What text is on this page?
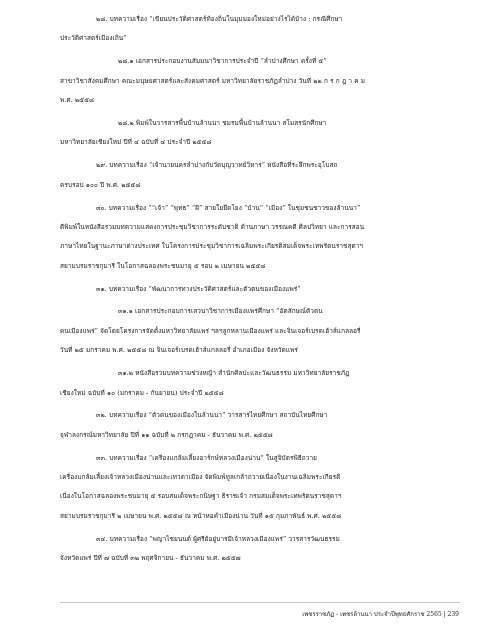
๒๘. บทความเรื่อง “เขียนประวัติศาสตร์ท้องถิ่นในมุมมองใหม่อย่างไรได้บ้าง : กรณีศึกษา
ประวัติศาสตร์เมืองเถิน”
๒๘.๑ เอกสารประกอบงานสัมมนาวิชาการประจำปี “ลำปางศึกษา ครั้งที่ ๕”
สาขาวิชาสังคมศึกษา คณะมนุษยศาสตร์และสังคมศาสตร์ มหาวิทยาลัยราชภัฏลำปาง วันที่ ๒๒ ก ร ก ฎ า ค ม
พ.ศ. ๒๕๕๘
๒๘.๒ พิมพ์ในวารสารพื้นบ้านล้านนา ชมรมพื้นบ้านล้านนา สโมสรนักศึกษา
มหาวิทยาลัยเชียงใหม่ ปีที่ ๔ ฉบับที่ ๔ ประจำปี ๒๕๕๘
๒๙. บทความเรื่อง “เจ้านายนครลำปางกับวัดบุญวาทย์วิหาร” หนังสือที่ระลึกพระอุโบสถ
ครบรอบ ๑๐๐ ปี พ.ศ. ๒๕๕๘
๓๐. บทความเรื่อง ““เจ้า” “พุทธ” “ผี” สายใยยึดโยง “บ้าน” “เมือง” ในชุมชนชาวของล้านนา”
ตีพิมพ์ในหนังสือรวมบทความแสดงการประชุมวิชาการระดับชาติ ด้านภาษา วรรณคดี ศิลปวิทยา และการสอน
ภาษาไทยในฐานะภาษาต่างประเทศ ในโครงการประชุมวิชาการเฉลิมพระเกียรติสมเด็จพระเทพรัตนราชสุดาฯ
สยามบรมราชกุมารี ในโอกาสฉลองพระชนมายุ ๕ รอบ ๒ เมษายน ๒๕๕๘
๓๑. บทความเรื่อง “พัฒนาการทางประวัติศาสตร์และตัวตนของเมืองแพร่”
๓๑.๑ เอกสารประกอบการเสวนาวิชาการเมืองแพร่ศึกษา “อัตลักษณ์ตัวตน
คนเมืองแพร่” จัดโดยโครงการจัดตั้งมหาวิทยาลัยแพร่ ฯลฯลูกหลานเมืองแพร่ และจินเจอร์เบรดเฮ้าส์แกลลอรี่
วันที่ ๒๕ มกราคม พ.ศ. ๒๕๕๘ ณ จินเจอร์เบรดเฮ้าส์แกลลอรี่ อำเภอเมือง จังหวัดแพร่
๓๑.๒ หนังสือรวมบทความช่วงหญ้า สำนักศิลปะและวัฒนธรรม มหาวิทยาลัยราชภัฏ
เชียงใหม่ ฉบับที่ ๑๐ (มกราคม - กันยายน) ประจำปี ๒๕๕๘
๓๒. บทความเรื่อง “ตัวตนของเมืองในล้านนา” วารสารไทยศึกษา สถาบันไทยศึกษา
จุฬาลงกรณ์มหาวิทยาลัย ปีที่ ๑๑ ฉบับที่ ๒ กรกฎาคม - ธันวาคม พ.ศ. ๒๕๕๘
๓๓. บทความเรื่อง “เครื่องแกล้มเลี้ยงอาร์กษ์หลวงเมืองน่าน” ในสูจิบัตรพิธีถวาย
เครื่องแกล้มเลี้ยงเจ้าหลวงเมืองน่านและเทวดาเมือง จัดพิมพ์ทูลเกล้าถวายเนื่องในงานเฉลิมพระเกียรติ
เนื่องในโอกาสฉลองพระชนมายุ ๕ รอบสมเด็จพระกนิษฐา ธิราชเจ้า กรมสมเด็จพระเทพรัตนราชสุดาฯ
สยามบรมราชกุมารี ๒ เมษายน พ.ศ. ๒๕๕๘ ณ หน้าหอคำเมืองน่าน วันที่ ๑๕ กุมภาพันธ์ พ.ศ. ๒๕๕๘
๓๔. บทความเรื่อง “พญาไชยนนต์ ผู้ศรีย้อยู่บารมีเจ้าหลวงเมืองแพร่” วารสารวัฒนธรรม
จังหวัดแพร่ ปีที่ ๗ ฉบับที่ ๓๒ พฤศจิกายน - ธันวาคม พ.ศ. ๒๕๕๗
เพชรราชภัฏ - เพชรล้านนา ประจำปีพุทธศักราช 2565 | 239
